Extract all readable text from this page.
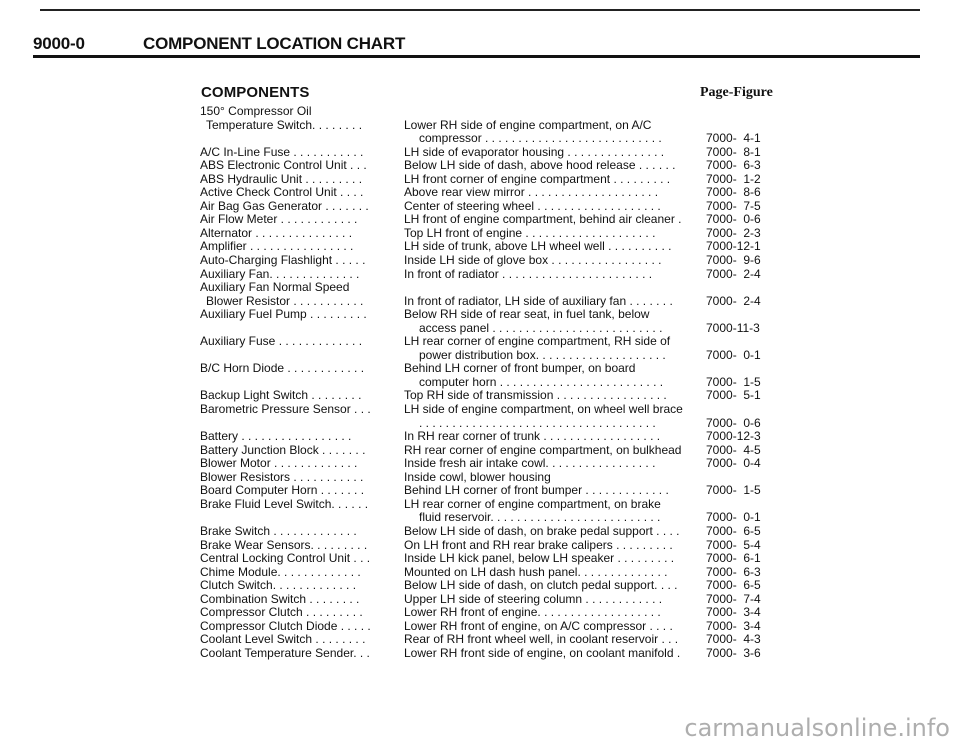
9000-0	COMPONENT LOCATION CHART
COMPONENTS	Page-Figure
150° Compressor Oil
Temperature Switch. . . . . . . .	Lower RH side of engine compartment, on A/C
compressor . . . . . . . . . . . . . . . . . . . . . . . . . . .	7000-  4-1
A/C In-Line Fuse . . . . . . . . . . .	LH side of evaporator housing . . . . . . . . . . . . . . .	7000-  8-1
ABS Electronic Control Unit . . .	Below LH side of dash, above hood release . . . . . .	7000-  6-3
ABS Hydraulic Unit . . . . . . . . .	LH front corner of engine compartment . . . . . . . . .	7000-  1-2
Active Check Control Unit . . . .	Above rear view mirror . . . . . . . . . . . . . . . . . . . .	7000-  8-6
Air Bag Gas Generator . . . . . . .	Center of steering wheel . . . . . . . . . . . . . . . . . . .	7000-  7-5
Air Flow Meter . . . . . . . . . . . .	LH front of engine compartment, behind air cleaner .	7000-  0-6
Alternator . . . . . . . . . . . . . . .	Top LH front of engine . . . . . . . . . . . . . . . . . . . .	7000-  2-3
Amplifier . . . . . . . . . . . . . . . .	LH side of trunk, above LH wheel well . . . . . . . . . .	7000-12-1
Auto-Charging Flashlight . . . . .	Inside LH side of glove box . . . . . . . . . . . . . . . . .	7000-  9-6
Auxiliary Fan. . . . . . . . . . . . . .	In front of radiator . . . . . . . . . . . . . . . . . . . . . . .	7000-  2-4
Auxiliary Fan Normal Speed
Blower Resistor . . . . . . . . . . .	In front of radiator, LH side of auxiliary fan . . . . . . .	7000-  2-4
Auxiliary Fuel Pump . . . . . . . . .	Below RH side of rear seat, in fuel tank, below
access panel . . . . . . . . . . . . . . . . . . . . . . . . . .	7000-11-3
Auxiliary Fuse . . . . . . . . . . . . .	LH rear corner of engine compartment, RH side of
power distribution box. . . . . . . . . . . . . . . . . . . .	7000-  0-1
B/C Horn Diode . . . . . . . . . . . .	Behind LH corner of front bumper, on board
computer horn . . . . . . . . . . . . . . . . . . . . . . . . .	7000-  1-5
Backup Light Switch . . . . . . . .	Top RH side of transmission . . . . . . . . . . . . . . . . .	7000-  5-1
Barometric Pressure Sensor . . .	LH side of engine compartment, on wheel well brace
. . . . . . . . . . . . . . . . . . . . . . . . . . . . . . . . . . . .	7000-  0-6
Battery . . . . . . . . . . . . . . . . .	In RH rear corner of trunk . . . . . . . . . . . . . . . . . .	7000-12-3
Battery Junction Block . . . . . . .	RH rear corner of engine compartment, on bulkhead	7000-  4-5
Blower Motor . . . . . . . . . . . . .	Inside fresh air intake cowl. . . . . . . . . . . . . . . . .	7000-  0-4
Blower Resistors . . . . . . . . . . .	Inside cowl, blower housing
Board Computer Horn . . . . . . .	Behind LH corner of front bumper . . . . . . . . . . . . .	7000-  1-5
Brake Fluid Level Switch. . . . . .	LH rear corner of engine compartment, on brake
fluid reservoir. . . . . . . . . . . . . . . . . . . . . . . . . .	7000-  0-1
Brake Switch . . . . . . . . . . . . .	Below LH side of dash, on brake pedal support . . . .	7000-  6-5
Brake Wear Sensors. . . . . . . . .	On LH front and RH rear brake calipers . . . . . . . . .	7000-  5-4
Central Locking Control Unit . . .	Inside LH kick panel, below LH speaker . . . . . . . . .	7000-  6-1
Chime Module. . . . . . . . . . . . .	Mounted on LH dash hush panel. . . . . . . . . . . . . .	7000-  6-3
Clutch Switch. . . . . . . . . . . . .	Below LH side of dash, on clutch pedal support. . . .	7000-  6-5
Combination Switch . . . . . . . .	Upper LH side of steering column . . . . . . . . . . . .	7000-  7-4
Compressor Clutch . . . . . . . . .	Lower RH front of engine. . . . . . . . . . . . . . . . . . .	7000-  3-4
Compressor Clutch Diode . . . . .	Lower RH front of engine, on A/C compressor . . . .	7000-  3-4
Coolant Level Switch . . . . . . . .	Rear of RH front wheel well, in coolant reservoir . . .	7000-  4-3
Coolant Temperature Sender. . .	Lower RH front side of engine, on coolant manifold .	7000-  3-6
carmanualsonline.info
